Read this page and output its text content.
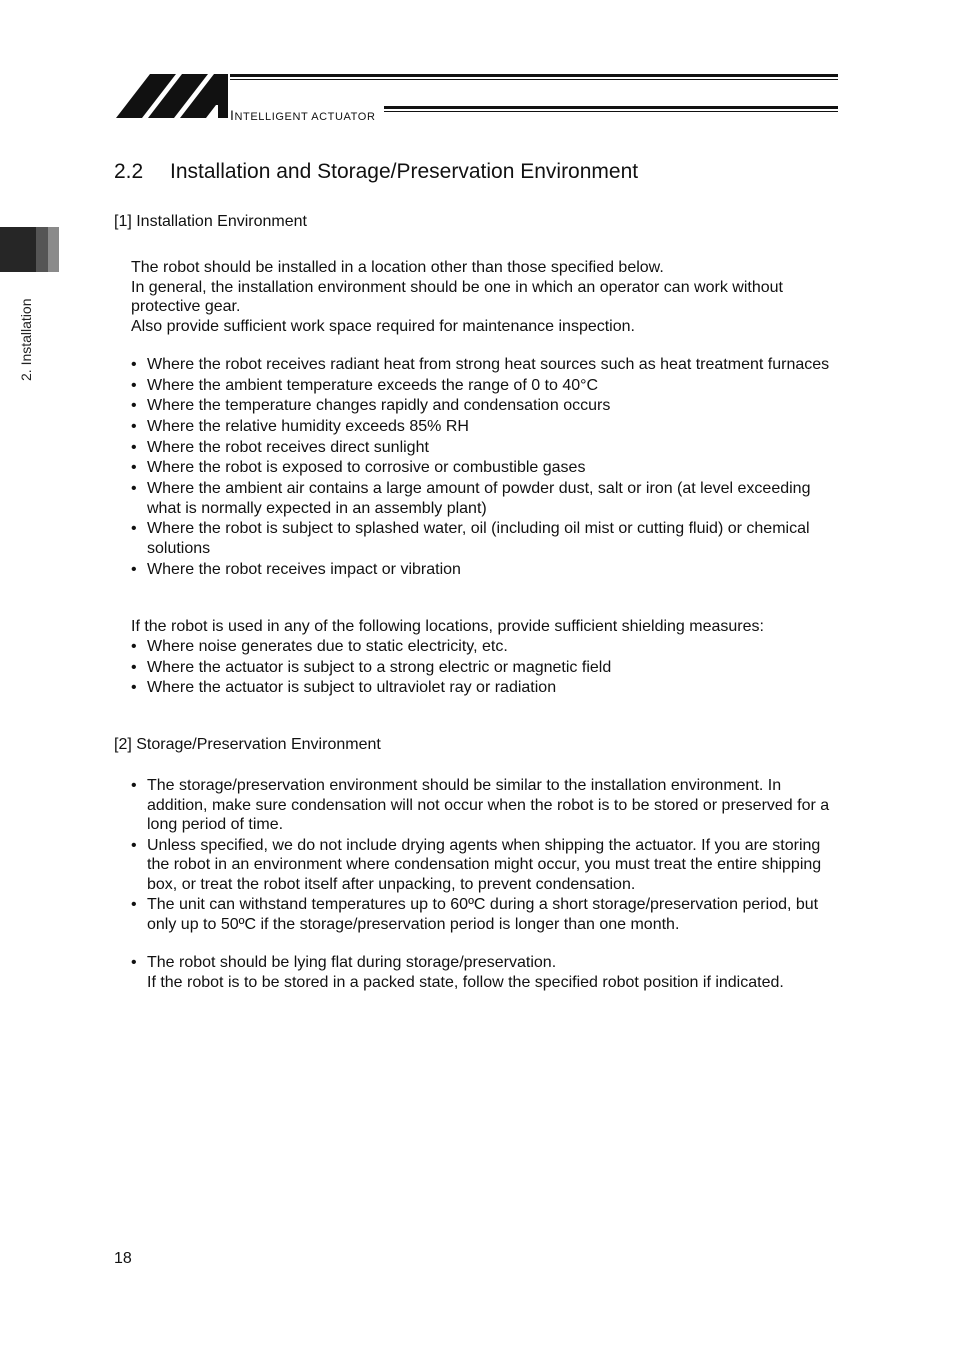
INTELLIGENT ACTUATOR
2. Installation
2.2 Installation and Storage/Preservation Environment
[1] Installation Environment

The robot should be installed in a location other than those specified below.

In general, the installation environment should be one in which an operator can work without protective gear.

Also provide sufficient work space required for maintenance inspection.

• Where the robot receives radiant heat from strong heat sources such as heat treatment furnaces
• Where the ambient temperature exceeds the range of 0 to 40°C
• Where the temperature changes rapidly and condensation occurs
• Where the relative humidity exceeds 85% RH
• Where the robot receives direct sunlight
• Where the robot is exposed to corrosive or combustible gases
• Where the ambient air contains a large amount of powder dust, salt or iron (at level exceeding what is normally expected in an assembly plant)
• Where the robot is subject to splashed water, oil (including oil mist or cutting fluid) or chemical solutions
• Where the robot receives impact or vibration
If the robot is used in any of the following locations, provide sufficient shielding measures:
• Where noise generates due to static electricity, etc.
• Where the actuator is subject to a strong electric or magnetic field
• Where the actuator is subject to ultraviolet ray or radiation
[2] Storage/Preservation Environment
• The storage/preservation environment should be similar to the installation environment. In addition, make sure condensation will not occur when the robot is to be stored or preserved for a long period of time.
• Unless specified, we do not include drying agents when shipping the actuator. If you are storing the robot in an environment where condensation might occur, you must treat the entire shipping box, or treat the robot itself after unpacking, to prevent condensation.
• The unit can withstand temperatures up to 60ºC during a short storage/preservation period, but only up to 50ºC if the storage/preservation period is longer than one month.
• The robot should be lying flat during storage/preservation.
If the robot is to be stored in a packed state, follow the specified robot position if indicated.
18
